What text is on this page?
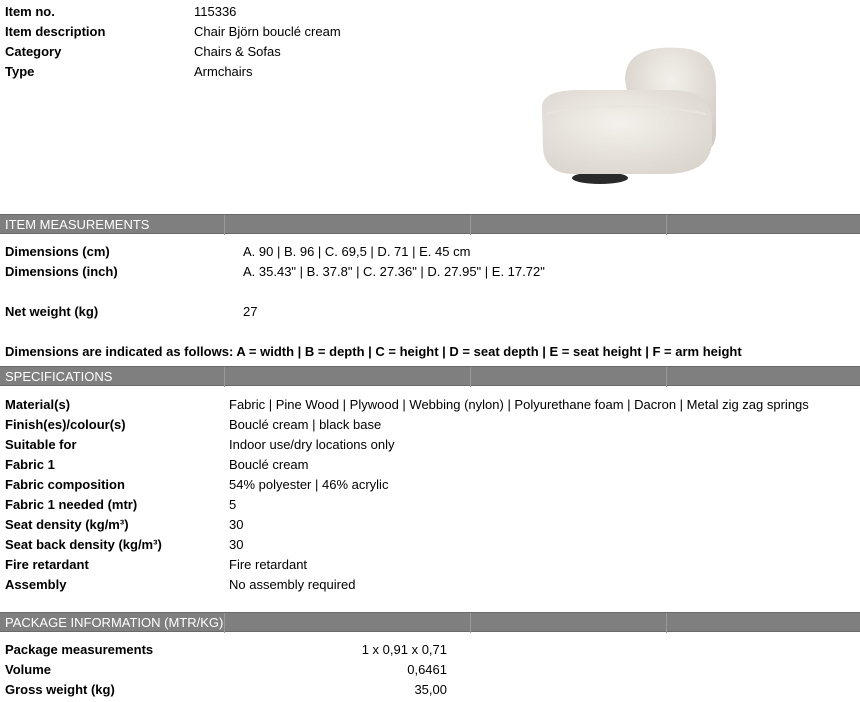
Item no.	115336
Item description	Chair Björn bouclé cream
Category	Chairs & Sofas
Type	Armchairs
ITEM MEASUREMENTS
Dimensions (cm)	A. 90 | B. 96 | C. 69,5 | D. 71 | E. 45 cm
Dimensions (inch)	A. 35.43" | B. 37.8" | C. 27.36" | D. 27.95" | E. 17.72"
Net weight (kg)	27
Dimensions are indicated as follows: A = width | B = depth | C = height | D = seat depth | E = seat height | F = arm height
SPECIFICATIONS
Material(s)	Fabric | Pine Wood | Plywood | Webbing (nylon) | Polyurethane foam | Dacron | Metal zig zag springs
Finish(es)/colour(s)	Bouclé cream | black base
Suitable for	Indoor use/dry locations only
Fabric 1	Bouclé cream
Fabric composition	54% polyester | 46% acrylic
Fabric 1 needed (mtr)	5
Seat density (kg/m³)	30
Seat back density (kg/m³)	30
Fire retardant	Fire retardant
Assembly	No assembly required
PACKAGE INFORMATION (MTR/KG)
Package measurements	1 x 0,91 x 0,71
Volume	0,6461
Gross weight (kg)	35,00
